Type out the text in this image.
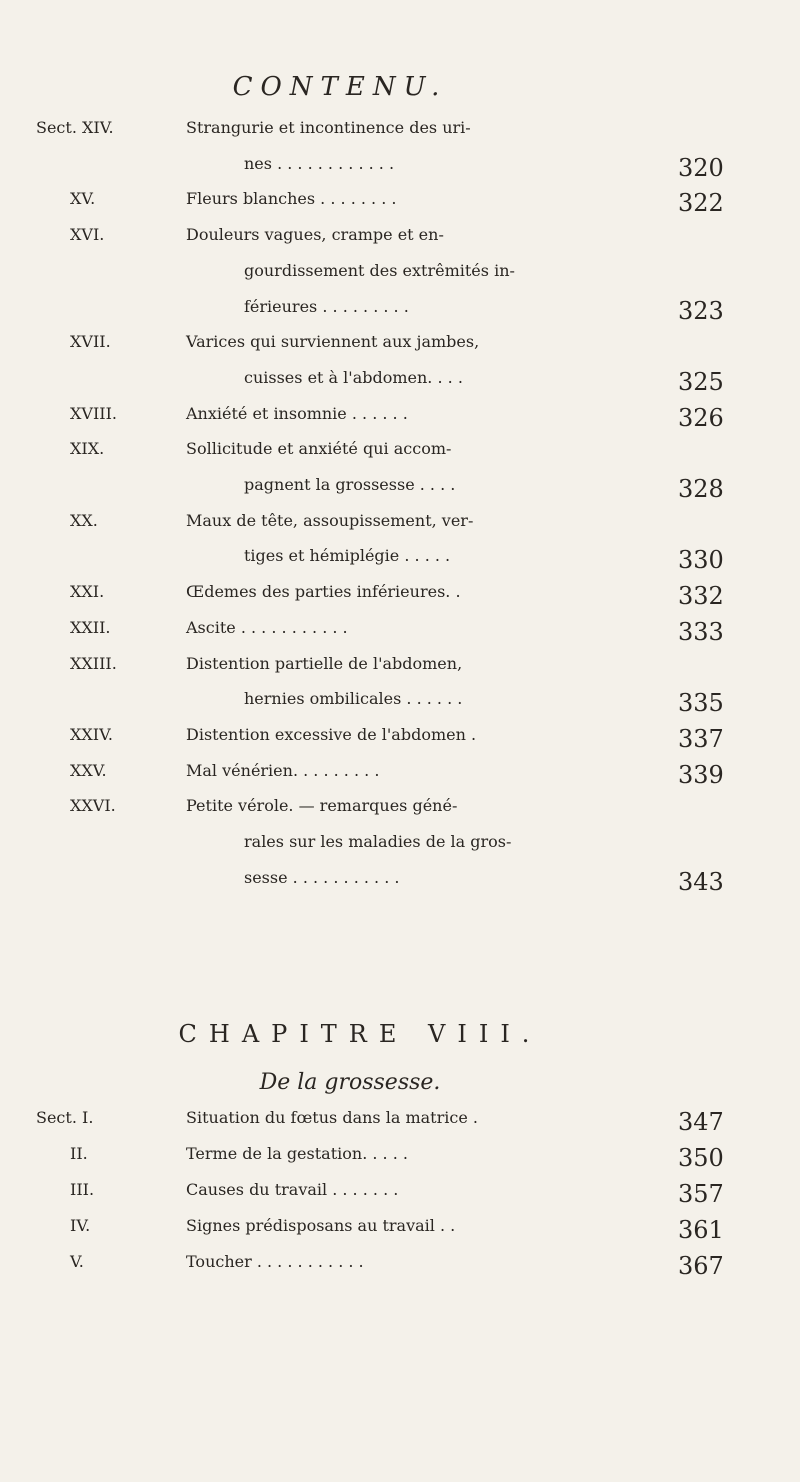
CONTENU.
Sect. XIV.	Strangurie et incontinence des uri-
nes . . . . . . . . . . . .	320
XV.	Fleurs blanches . . . . . . . .	322
XVI.	Douleurs vagues, crampe et en-
gourdissement des extrêmités in-
férieures . . . . . . . . .	323
XVII.	Varices qui surviennent aux jambes,
cuisses et à l'abdomen. . . .	325
XVIII.	Anxiété et insomnie . . . . . .	326
XIX.	Sollicitude et anxiété qui accom-
pagnent la grossesse . . . .	328
XX.	Maux de tête, assoupissement, ver-
tiges et hémiplégie . . . . .	330
XXI.	Œdemes des parties inférieures. .	332
XXII.	Ascite . . . . . . . . . . .	333
XXIII.	Distention partielle de l'abdomen,
hernies ombilicales . . . . . .	335
XXIV.	Distention excessive de l'abdomen .	337
XXV.	Mal vénérien. . . . . . . . .	339
XXVI.	Petite vérole. — remarques géné-
rales sur les maladies de la gros-
sesse . . . . . . . . . . .	343
CHAPITRE VIII.
De la grossesse.
Sect. I.	Situation du fœtus dans la matrice .	347
II.	Terme de la gestation. . . . .	350
III.	Causes du travail . . . . . . .	357
IV.	Signes prédisposans au travail . .	361
V.	Toucher . . . . . . . . . . .	367
